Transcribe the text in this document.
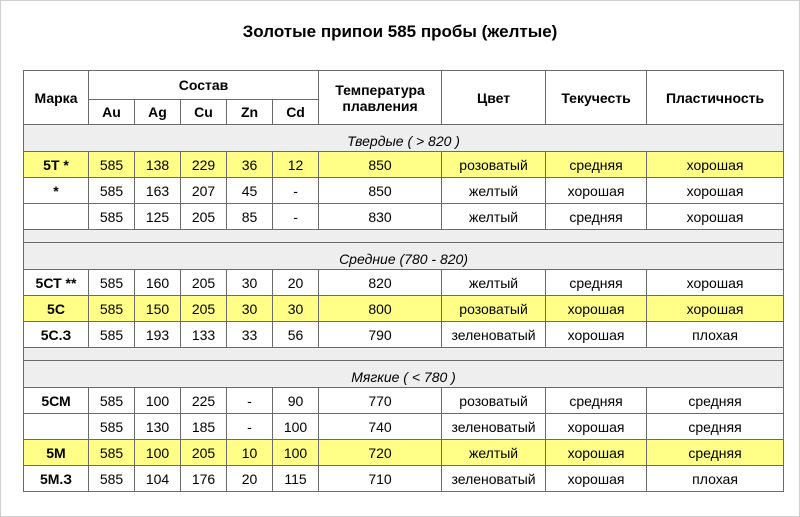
Золотые припои 585 пробы (желтые)
Марка	Состав					Температура плавления	Цвет	Текучесть	Пластичность
	Au	Ag	Cu	Zn	Cd				
Твердые ( > 820 )									
5Т *	585	138	229	36	12	850	розоватый	средняя	хорошая
*	585	163	207	45	-	850	желтый	хорошая	хорошая
	585	125	205	85	-	830	желтый	средняя	хорошая

Средние (780 - 820)									
5СТ **	585	160	205	30	20	820	желтый	средняя	хорошая
5С	585	150	205	30	30	800	розоватый	хорошая	хорошая
5С.З	585	193	133	33	56	790	зеленоватый	хорошая	плохая

Мягкие ( < 780 )									
5СМ	585	100	225	-	90	770	розоватый	средняя	средняя
	585	130	185	-	100	740	зеленоватый	хорошая	средняя
5М	585	100	205	10	100	720	желтый	хорошая	средняя
5М.З	585	104	176	20	115	710	зеленоватый	хорошая	плохая
